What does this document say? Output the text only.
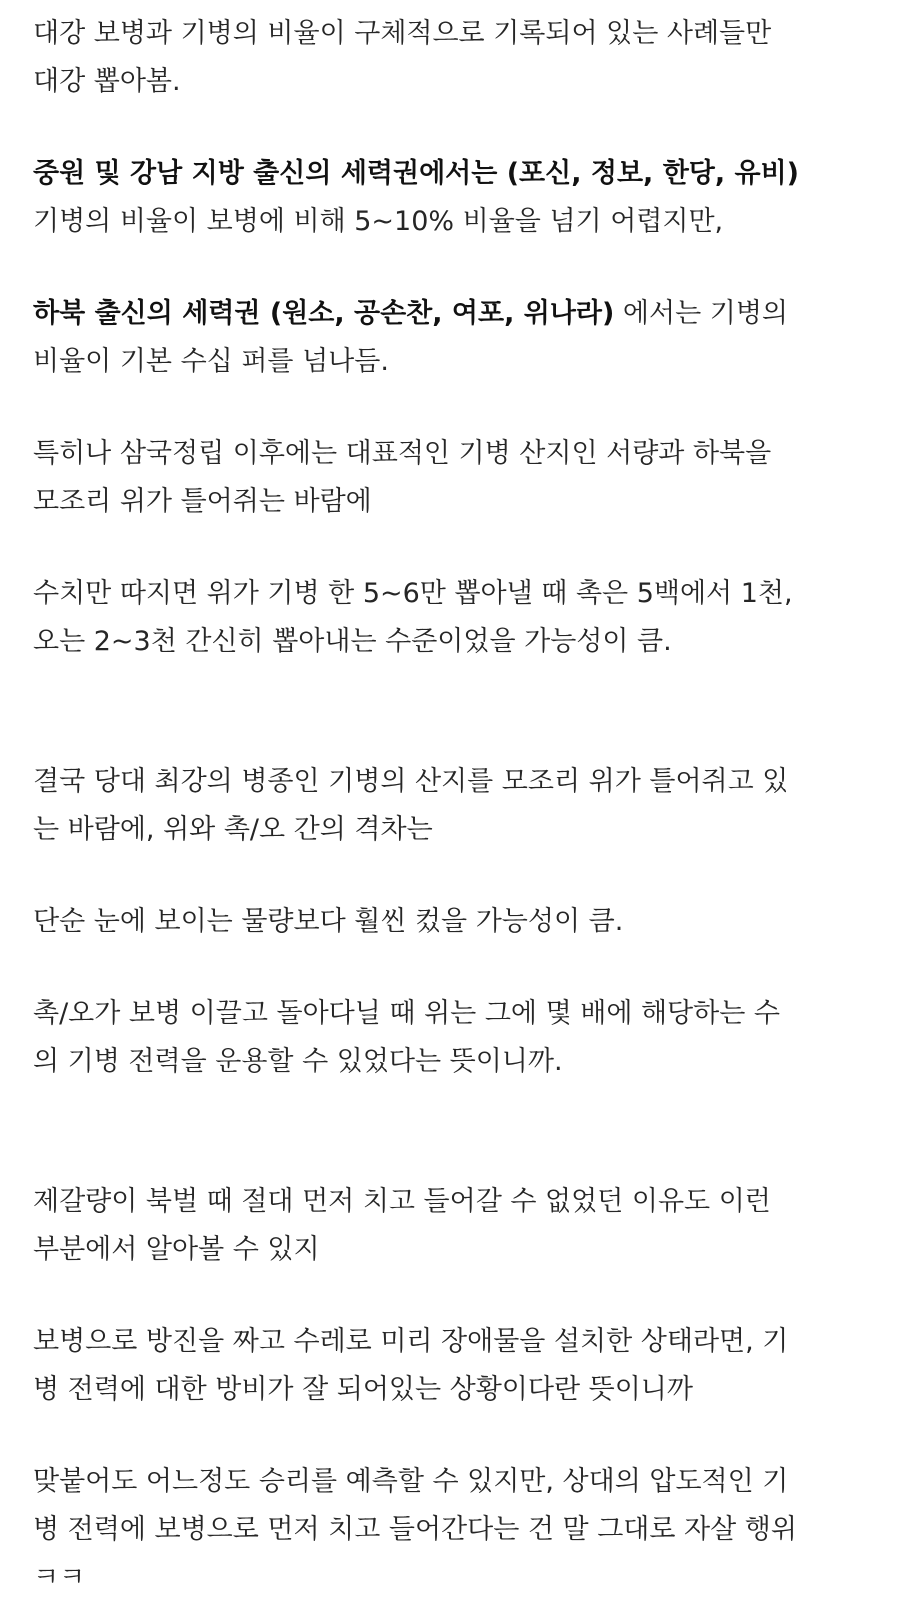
대강 보병과 기병의 비율이 구체적으로 기록되어 있는 사례들만
대강 뽑아봄.
중원 및 강남 지방 출신의 세력권에서는 (포신, 정보, 한당, 유비)
기병의 비율이 보병에 비해 5~10% 비율을 넘기 어렵지만,
하북 출신의 세력권 (원소, 공손찬, 여포, 위나라) 에서는 기병의
비율이 기본 수십 퍼를 넘나듬.
특히나 삼국정립 이후에는 대표적인 기병 산지인 서량과 하북을
모조리 위가 틀어쥐는 바람에
수치만 따지면 위가 기병 한 5~6만 뽑아낼 때 촉은 5백에서 1천,
오는 2~3천 간신히 뽑아내는 수준이었을 가능성이 큼.
결국 당대 최강의 병종인 기병의 산지를 모조리 위가 틀어쥐고 있
는 바람에, 위와 촉/오 간의 격차는
단순 눈에 보이는 물량보다 훨씬 컸을 가능성이 큼.
촉/오가 보병 이끌고 돌아다닐 때 위는 그에 몇 배에 해당하는 수
의 기병 전력을 운용할 수 있었다는 뜻이니까.
제갈량이 북벌 때 절대 먼저 치고 들어갈 수 없었던 이유도 이런
부분에서 알아볼 수 있지
보병으로 방진을 짜고 수레로 미리 장애물을 설치한 상태라면, 기
병 전력에 대한 방비가 잘 되어있는 상황이다란 뜻이니까
맞붙어도 어느정도 승리를 예측할 수 있지만, 상대의 압도적인 기
병 전력에 보병으로 먼저 치고 들어간다는 건 말 그대로 자살 행위
ㅋㅋ
